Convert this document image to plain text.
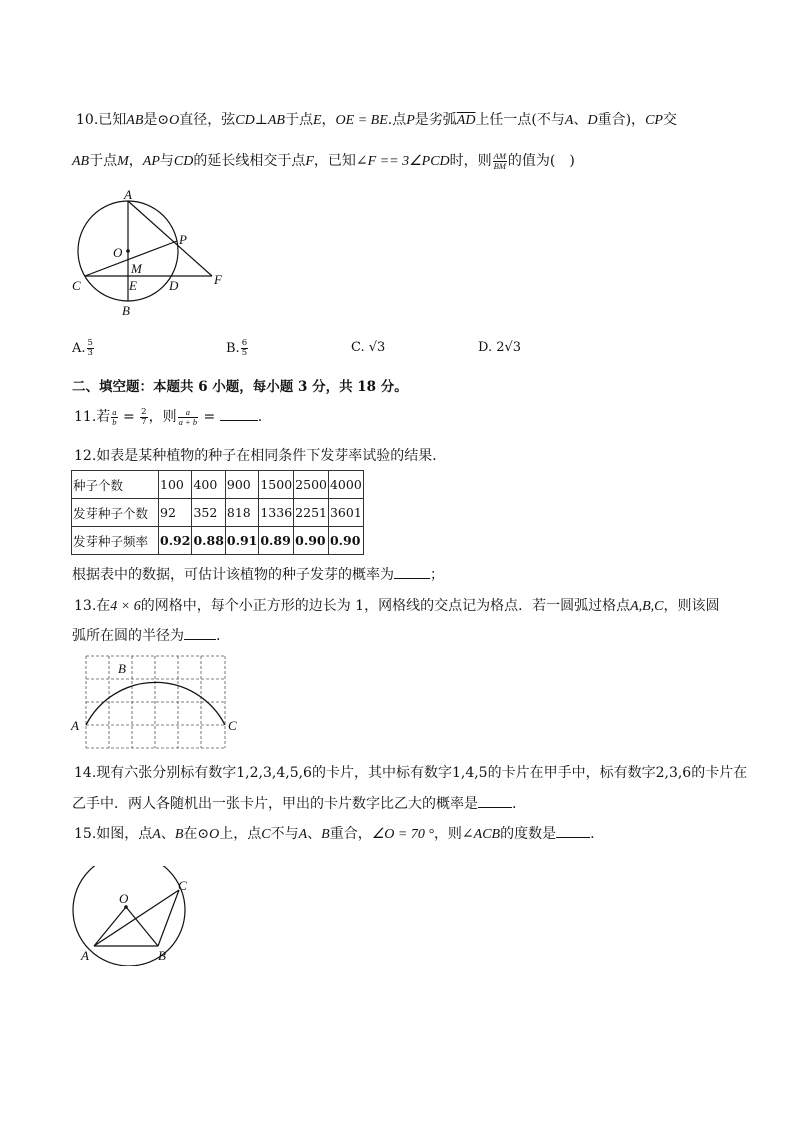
10.已知AB是⊙O直径，弦CD⊥AB于点E，OE = BE.点P是劣弧$\overline{AD}$上任一点(不与A、D重合)，CP交
AB于点M，AP与CD的延长线相交于点F，已知∠F == 3∠PCD时，则 $\frac{AM}{BM}$ 的值为(　)
A
O
P
M
C	E D	F
B
A. $\frac{5}{3}$	B. $\frac{6}{5}$	C. √3	D. 2√3
二、填空题：本题共 6 小题，每小题 3 分，共 18 分。
11.若 $\frac{a}{b} = \frac{2}{7}$ ，则 $\frac{a}{a + b}$ =	.
12.如表是某种植物的种子在相同条件下发芽率试验的结果．
种子个数	100	400	900	1500	2500	4000
发芽种子个数	92	352	818	1336	2251	3601
发芽种子频率	0.92	0.88	0.91	0.89	0.90	0.90
根据表中的数据，可估计该植物的种子发芽的概率为	；
13.在4 × 6的网格中，每个小正方形的边长为 1，网格线的交点记为格点．若一圆弧过格点A,B,C，则该圆
弧所在圆的半径为 .
A
B
C
14.现有六张分别标有数字1,2,3,4,5,6的卡片，其中标有数字1,4,5的卡片在甲手中，标有数字2,3,6的卡片在
乙手中．两人各随机出一张卡片，甲出的卡片数字比乙大的概率是 .
15.如图，点A、B在⊙O上，点C不与A、B重合，∠O = 70 °，则∠ACB的度数是 .
O
C
A	B
